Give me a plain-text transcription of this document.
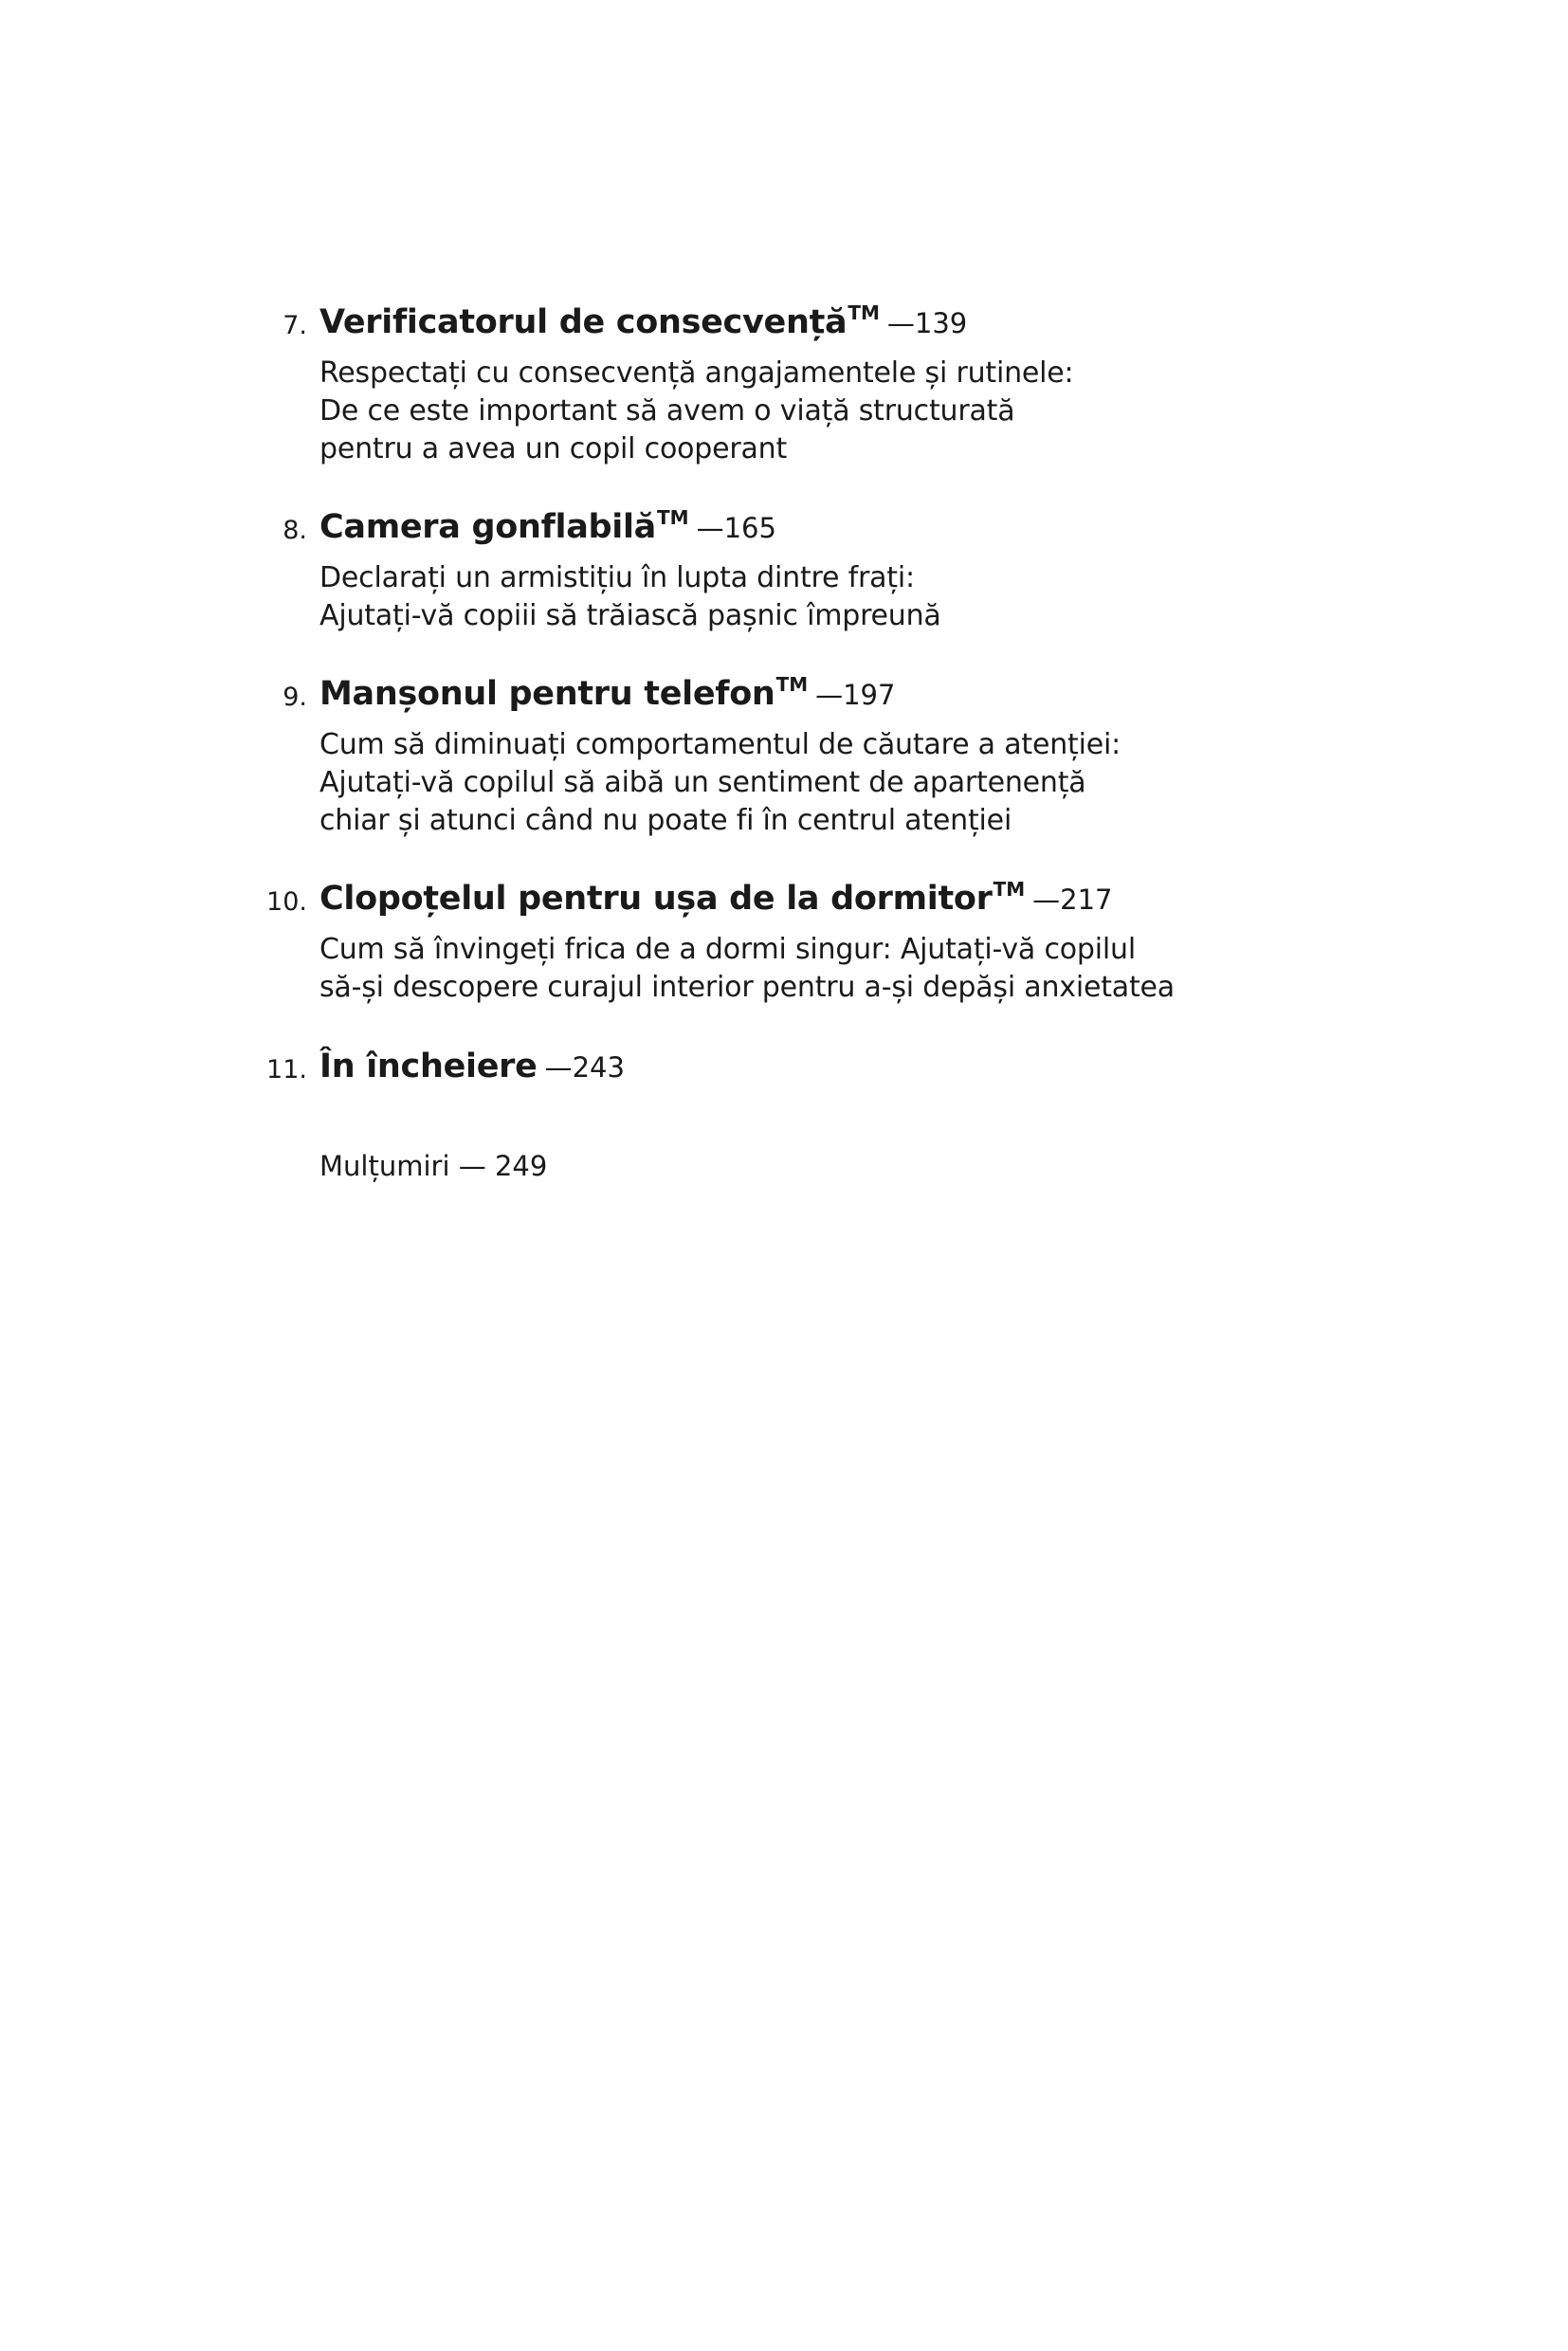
7. Verificatorul de consecvențăTM —139
Respectați cu consecvență angajamentele și rutinele:
De ce este important să avem o viață structurată
pentru a avea un copil cooperant
8. Camera gonflabilăTM —165
Declarați un armistițiu în lupta dintre frați:
Ajutați-vă copiii să trăiască pașnic împreună
9. Manșonul pentru telefonTM —197
Cum să diminuați comportamentul de căutare a atenției:
Ajutați-vă copilul să aibă un sentiment de apartenență
chiar și atunci când nu poate fi în centrul atenției
10. Clopoțelul pentru ușa de la dormitorTM —217
Cum să învingeți frica de a dormi singur: Ajutați-vă copilul
să-și descopere curajul interior pentru a-și depăși anxietatea
11. În încheiere —243
Mulțumiri — 249
